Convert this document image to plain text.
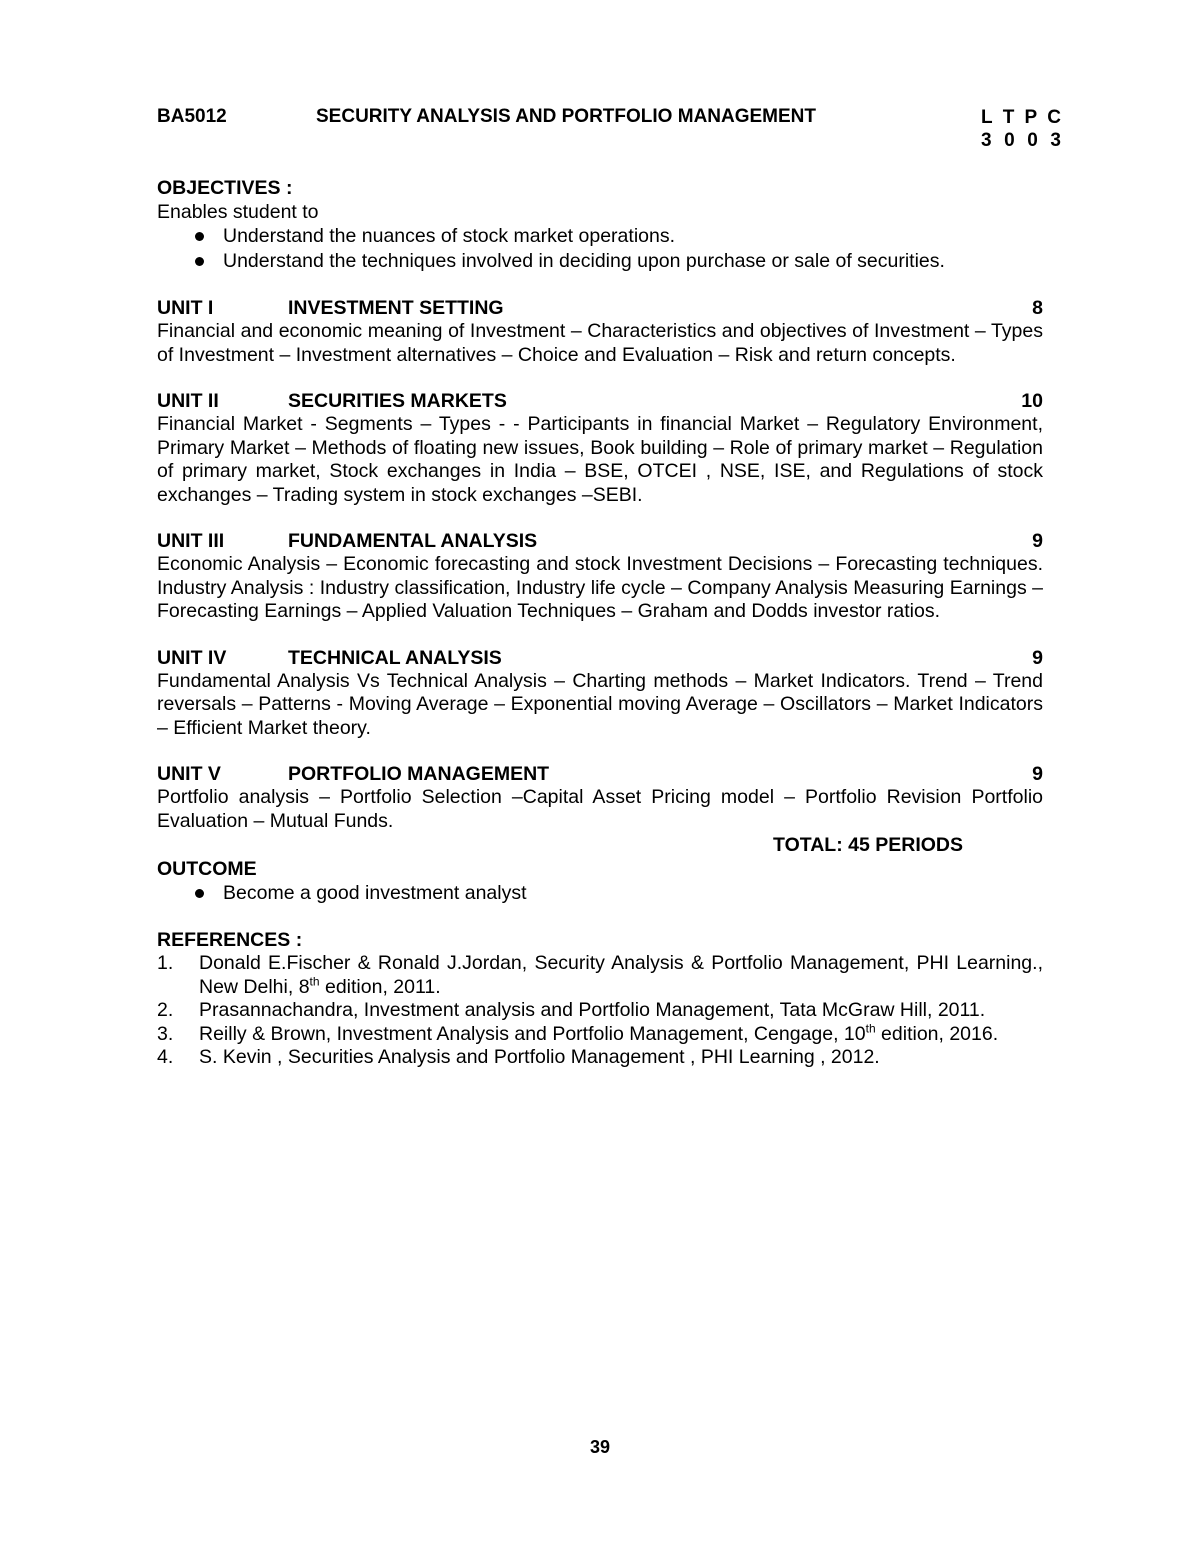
BA5012	SECURITY ANALYSIS AND PORTFOLIO MANAGEMENT	L T P C
3 0 0 3
OBJECTIVES :
Enables student to
Understand the nuances of stock market operations.
Understand the techniques involved in deciding upon purchase or sale of securities.
UNIT I	INVESTMENT SETTING	8
Financial and economic meaning of Investment – Characteristics and objectives of Investment – Types of Investment – Investment alternatives – Choice and Evaluation – Risk and return concepts.
UNIT II	SECURITIES MARKETS	10
Financial Market - Segments – Types - - Participants in financial Market – Regulatory Environment, Primary Market – Methods of floating new issues, Book building – Role of primary market – Regulation of primary market, Stock exchanges in India – BSE, OTCEI , NSE, ISE, and Regulations of stock exchanges – Trading system in stock exchanges –SEBI.
UNIT III	FUNDAMENTAL ANALYSIS	9
Economic Analysis – Economic forecasting and stock Investment Decisions – Forecasting techniques. Industry Analysis : Industry classification, Industry life cycle – Company Analysis Measuring Earnings – Forecasting Earnings – Applied Valuation Techniques – Graham and Dodds investor ratios.
UNIT IV	TECHNICAL ANALYSIS	9
Fundamental Analysis Vs Technical Analysis – Charting methods – Market Indicators. Trend – Trend reversals – Patterns - Moving Average – Exponential moving Average – Oscillators – Market Indicators – Efficient Market theory.
UNIT V	PORTFOLIO MANAGEMENT	9
Portfolio analysis – Portfolio Selection –Capital Asset Pricing model – Portfolio Revision Portfolio Evaluation – Mutual Funds.
TOTAL: 45 PERIODS
OUTCOME
Become a good investment analyst
REFERENCES :
1. Donald E.Fischer & Ronald J.Jordan, Security Analysis & Portfolio Management, PHI Learning., New Delhi, 8th edition, 2011.
2. Prasannachandra, Investment analysis and Portfolio Management, Tata McGraw Hill, 2011.
3. Reilly & Brown, Investment Analysis and Portfolio Management, Cengage, 10th edition, 2016.
4. S. Kevin , Securities Analysis and Portfolio Management , PHI Learning , 2012.
39
